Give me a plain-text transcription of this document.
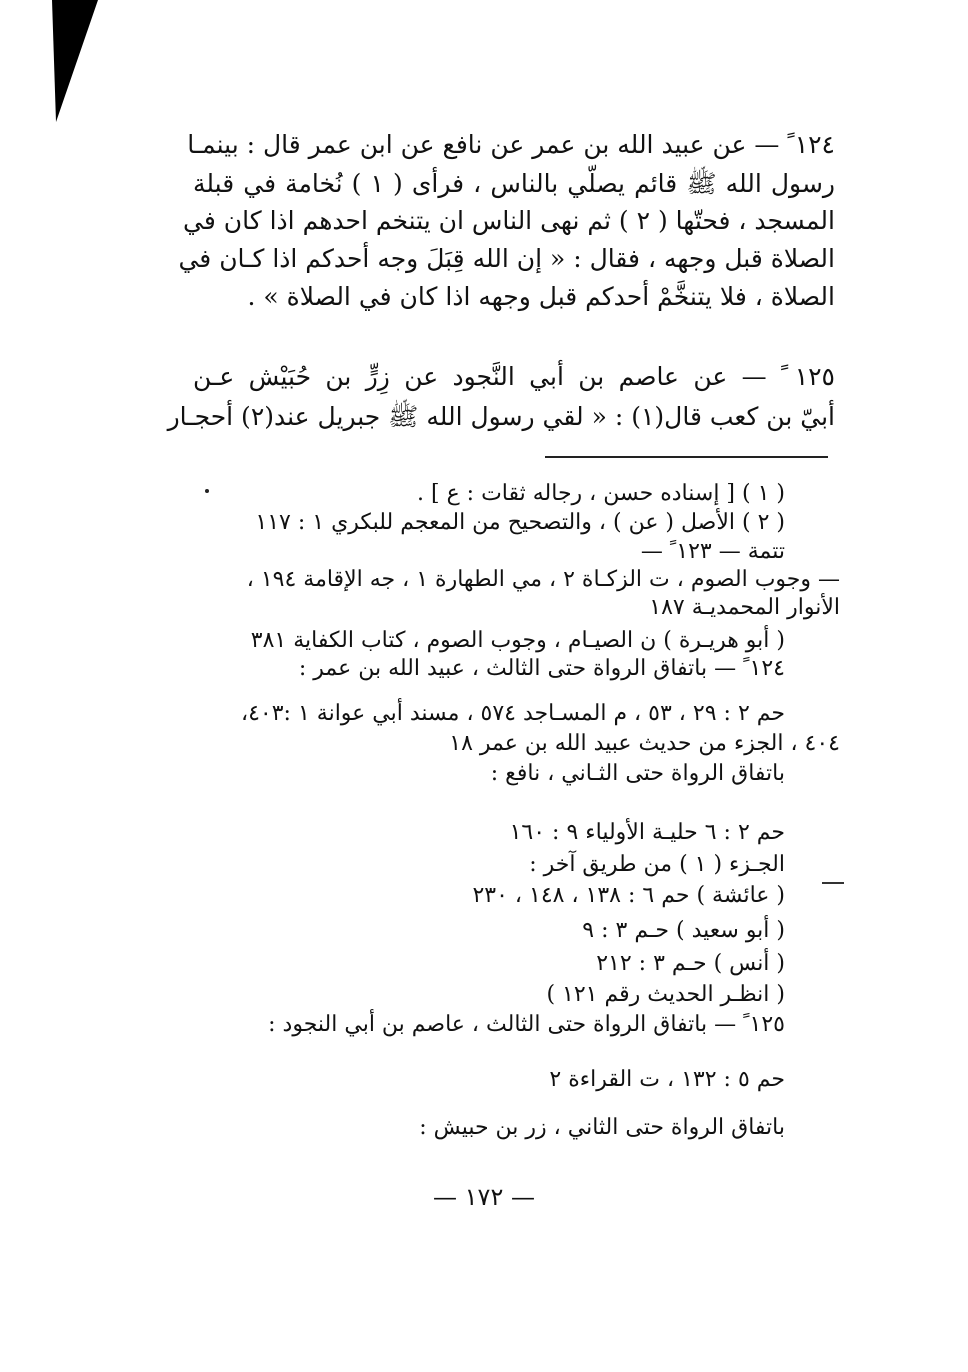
١٢٤ ً — عن عبيد الله بن عمر عن نافع عن ابن عمر قال : بينمـا
رسول الله ﷺ قائم يصلّي بالناس ، فرأى ( ١ ) نُخامة في قبلة
المسجد ، فحتّها ( ٢ ) ثم نهى الناس ان يتنخم احدهم اذا كان في
الصلاة قبل وجهه ، فقال : « إن الله قِبَلَ وجه أحدكم اذا كـان في
الصلاة ، فلا يتنخَّمْ أحدكم قبل وجهه اذا كان في الصلاة » .
١٢٥ ً — عن عاصم بن أبي النَّجود عن زِرٍّ بن حُبَيْش عـن
أبيّ بن كعب قال(١) : « لقي رسول الله ﷺ جبريل عند(٢) أحجـار
( ١ ) [ إسناده حسن ، رجاله ثقات : ع ] .
( ٢ ) الأصل ( عن ) ، والتصحيح من المعجم للبكري ١ : ١١٧
تتمة — ١٢٣ ً —
— وجوب الصوم ، ت الزكـاة ٢ ، مي الطهارة ١ ، جه الإقامة ١٩٤ ،
الأنوار المحمديـة ١٨٧
( أبو هريـرة ) ن الصيـام ، وجوب الصوم ، كتاب الكفاية ٣٨١
١٢٤ ً — باتفاق الرواة حتى الثالث ، عبيد الله بن عمر :
حم ٢ : ٢٩ ، ٥٣ ، م المسـاجد ٥٧٤ ، مسند أبي عوانة ١ :٤٠٣،
٤٠٤ ، الجزء من حديث عبيد الله بن عمر ١٨
باتفاق الرواة حتى الثـاني ، نافع :
حم ٢ : ٦ حليـة الأولياء ٩ : ١٦٠
الجـزء ( ١ ) من طريق آخر :
( عائشة ) حم ٦ : ١٣٨ ، ١٤٨ ، ٢٣٠
( أبو سعيد ) حـم ٣ : ٩
( أنس ) حـم ٣ : ٢١٢
( انظـر الحديث رقم ١٢١ )
١٢٥ ً — باتفاق الرواة حتى الثالث ، عاصم بن أبي النجود :
حم ٥ : ١٣٢ ، ت القراءة ٢
باتفاق الرواة حتى الثاني ، زر بن حبيش :
— ١٧٢ —
